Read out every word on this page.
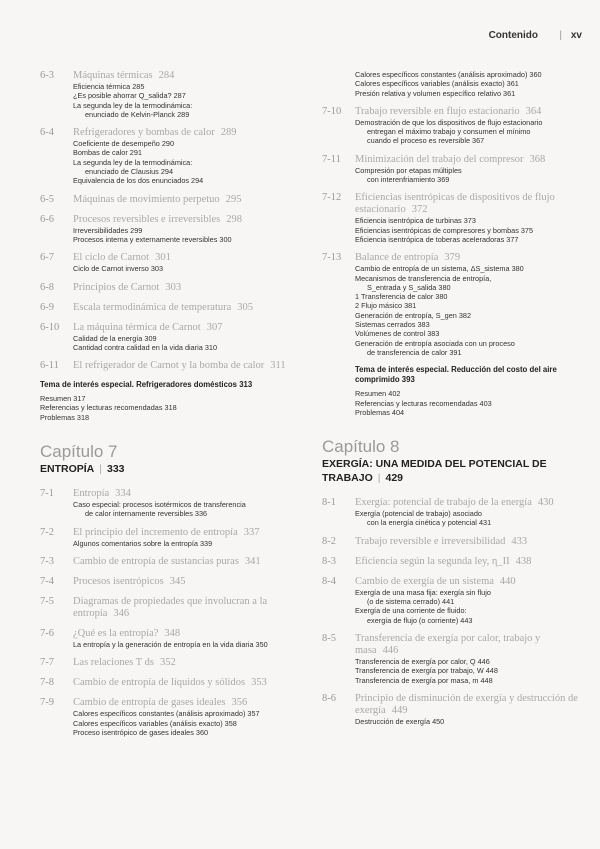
Contenido | xv
6-3 Máquinas térmicas 284
Eficiencia térmica 285
¿Es posible ahorrar Q_salida? 287
La segunda ley de la termodinámica:
enunciado de Kelvin-Planck 289
6-4 Refrigeradores y bombas de calor 289
Coeficiente de desempeño 290
Bombas de calor 291
La segunda ley de la termodinámica:
enunciado de Clausius 294
Equivalencia de los dos enunciados 294
6-5 Máquinas de movimiento perpetuo 295
6-6 Procesos reversibles e irreversibles 298
Irreversibilidades 299
Procesos interna y externamente reversibles 300
6-7 El ciclo de Carnot 301
Ciclo de Carnot inverso 303
6-8 Principios de Carnot 303
6-9 Escala termodinámica de temperatura 305
6-10 La máquina térmica de Carnot 307
Calidad de la energía 309
Cantidad contra calidad en la vida diaria 310
6-11 El refrigerador de Carnot y la bomba de calor 311
Tema de interés especial. Refrigeradores domésticos 313
Resumen 317
Referencias y lecturas recomendadas 318
Problemas 318
Capítulo 7
ENTROPÍA | 333
7-1 Entropía 334
Caso especial: procesos isotérmicos de transferencia
de calor internamente reversibles 336
7-2 El principio del incremento de entropía 337
Algunos comentarios sobre la entropía 339
7-3 Cambio de entropía de sustancias puras 341
7-4 Procesos isentrópicos 345
7-5 Diagramas de propiedades que involucran a la entropía 346
7-6 ¿Qué es la entropía? 348
La entropía y la generación de entropía en la vida diaria 350
7-7 Las relaciones T ds 352
7-8 Cambio de entropía de líquidos y sólidos 353
7-9 Cambio de entropía de gases ideales 356
Calores específicos constantes (análisis aproximado) 357
Calores específicos variables (análisis exacto) 358
Proceso isentrópico de gases ideales 360
Calores específicos constantes (análisis aproximado) 360
Calores específicos variables (análisis exacto) 361
Presión relativa y volumen específico relativo 361
7-10 Trabajo reversible en flujo estacionario 364
Demostración de que los dispositivos de flujo estacionario
entregan el máximo trabajo y consumen el mínimo
cuando el proceso es reversible 367
7-11 Minimización del trabajo del compresor 368
Compresión por etapas múltiples
con interenfriamiento 369
7-12 Eficiencias isentrópicas de dispositivos de flujo estacionario 372
Eficiencia isentrópica de turbinas 373
Eficiencias isentrópicas de compresores y bombas 375
Eficiencia isentrópica de toberas aceleradoras 377
7-13 Balance de entropía 379
Cambio de entropía de un sistema, ΔS_sistema 380
Mecanismos de transferencia de entropía,
S_entrada y S_salida 380
1 Transferencia de calor 380
2 Flujo másico 381
Generación de entropía, S_gen 382
Sistemas cerrados 383
Volúmenes de control 383
Generación de entropía asociada con un proceso
de transferencia de calor 391
Tema de interés especial. Reducción del costo del aire comprimido 393
Resumen 402
Referencias y lecturas recomendadas 403
Problemas 404
Capítulo 8
EXERGÍA: UNA MEDIDA DEL POTENCIAL DE TRABAJO | 429
8-1 Exergía: potencial de trabajo de la energía 430
Exergía (potencial de trabajo) asociado
con la energía cinética y potencial 431
8-2 Trabajo reversible e irreversibilidad 433
8-3 Eficiencia según la segunda ley, η_II 438
8-4 Cambio de exergía de un sistema 440
Exergía de una masa fija: exergía sin flujo
(o de sistema cerrado) 441
Exergía de una corriente de fluido:
exergía de flujo (o corriente) 443
8-5 Transferencia de exergía por calor, trabajo y masa 446
Transferencia de exergía por calor, Q 446
Transferencia de exergía por trabajo, W 448
Transferencia de exergía por masa, m 448
8-6 Principio de disminución de exergía y destrucción de exergía 449
Destrucción de exergía 450
